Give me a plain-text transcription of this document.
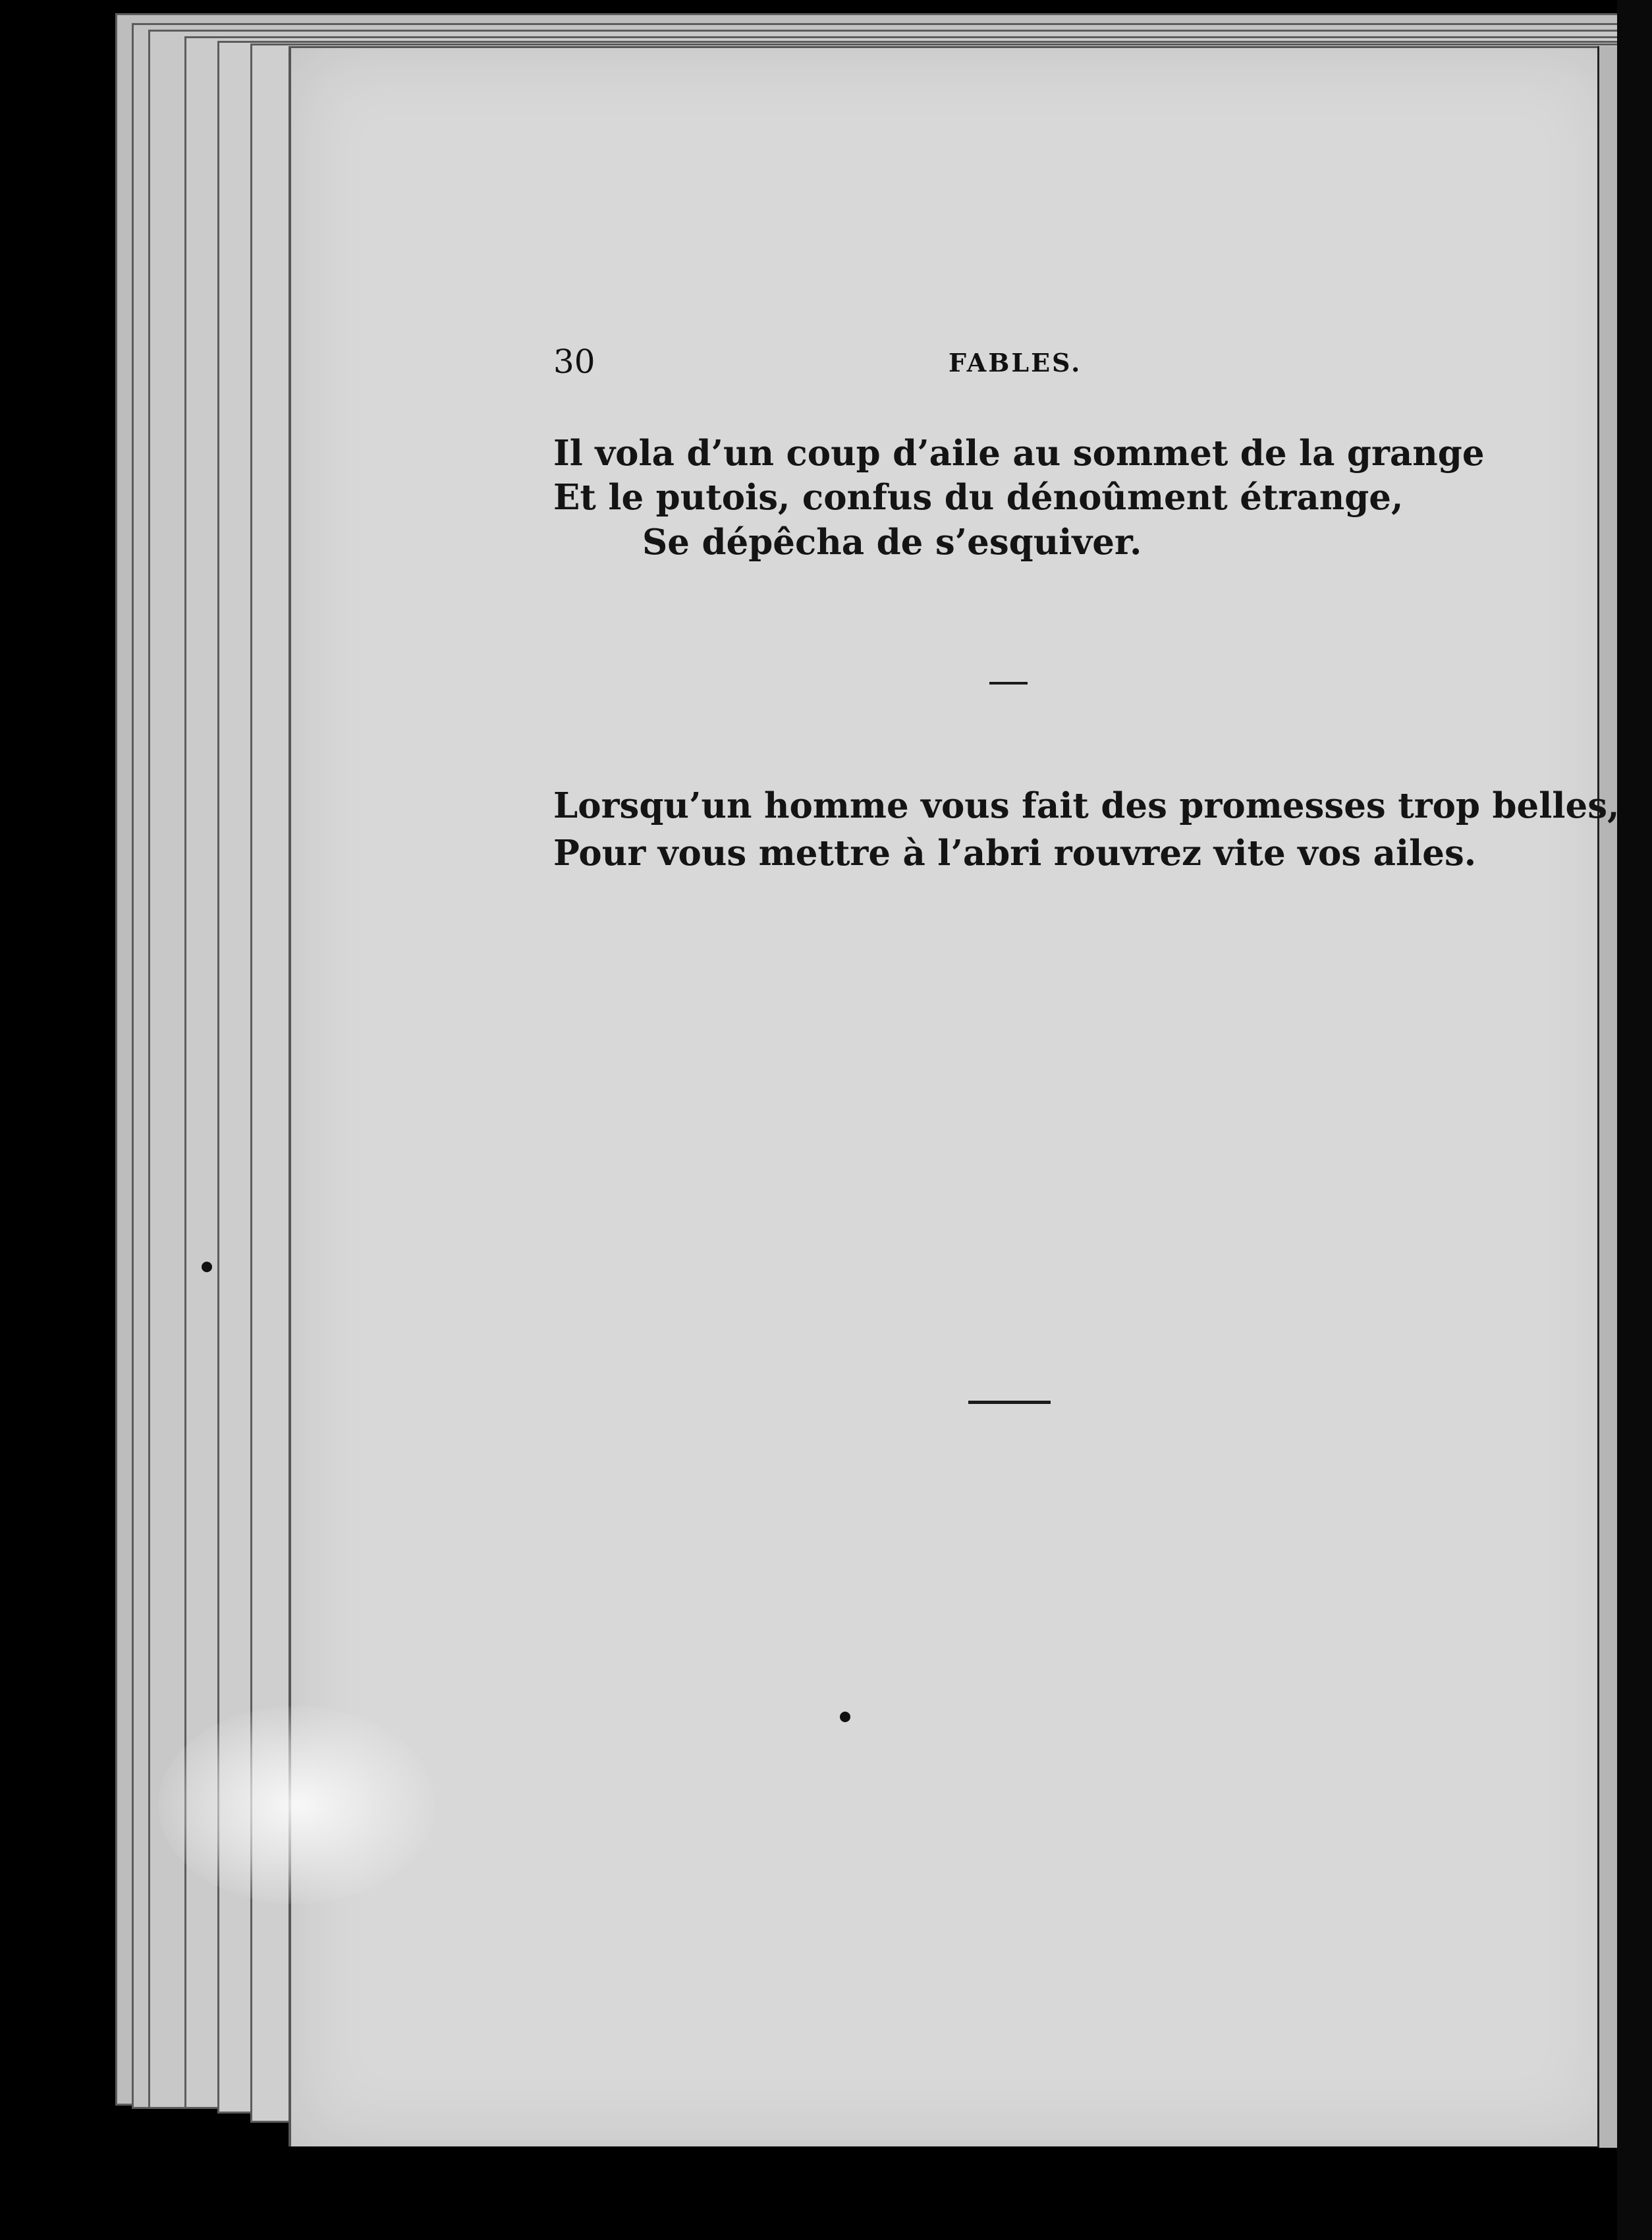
30	FABLES.
Il vola d’un coup d’aile au sommet de la grange
Et le putois, confus du dénoûment étrange,
Se dépêcha de s’esquiver.
Lorsqu’un homme vous fait des promesses trop belles,
Pour vous mettre à l’abri rouvrez vite vos ailes.
